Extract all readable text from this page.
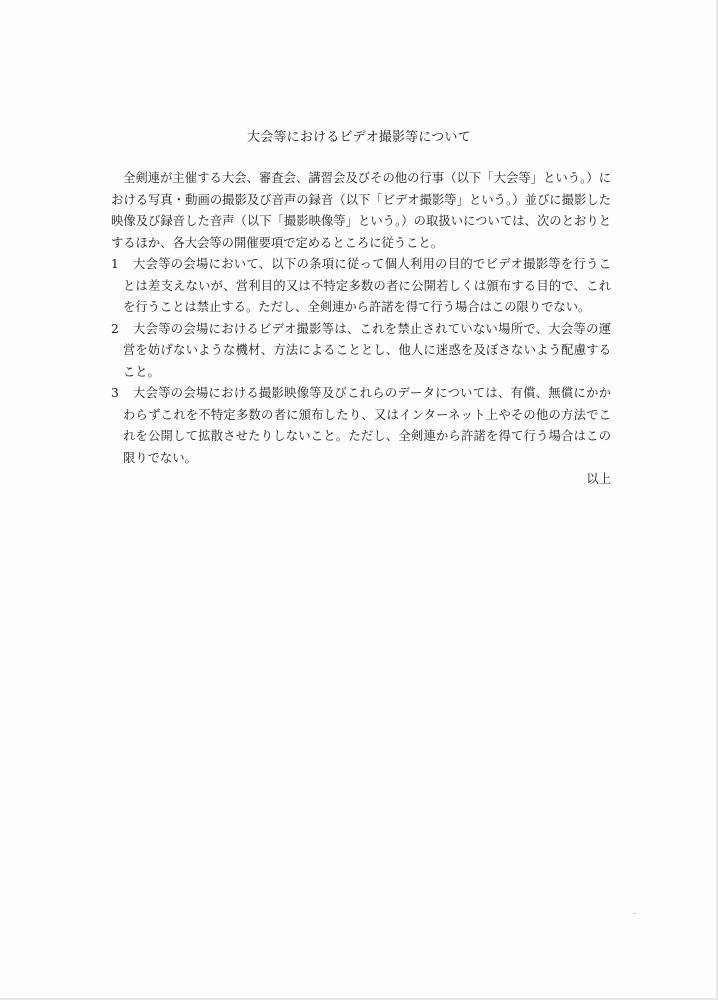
大会等におけるビデオ撮影等について

全剣連が主催する大会、審査会、講習会及びその他の行事（以下「大会等」という。）における写真・動画の撮影及び音声の録音（以下「ビデオ撮影等」という。）並びに撮影した映像及び録音した音声（以下「撮影映像等」という。）の取扱いについては、次のとおりとするほか、各大会等の開催要項で定めるところに従うこと。

1	大会等の会場において、以下の条項に従って個人利用の目的でビデオ撮影等を行うことは差支えないが、営利目的又は不特定多数の者に公開若しくは頒布する目的で、これを行うことは禁止する。ただし、全剣連から許諾を得て行う場合はこの限りでない。
2	大会等の会場におけるビデオ撮影等は、これを禁止されていない場所で、大会等の運営を妨げないような機材、方法によることとし、他人に迷惑を及ぼさないよう配慮すること。
3	大会等の会場における撮影映像等及びこれらのデータについては、有償、無償にかかわらずこれを不特定多数の者に頒布したり、又はインターネット上やその他の方法でこれを公開して拡散させたりしないこと。ただし、全剣連から許諾を得て行う場合はこの限りでない。

以上
